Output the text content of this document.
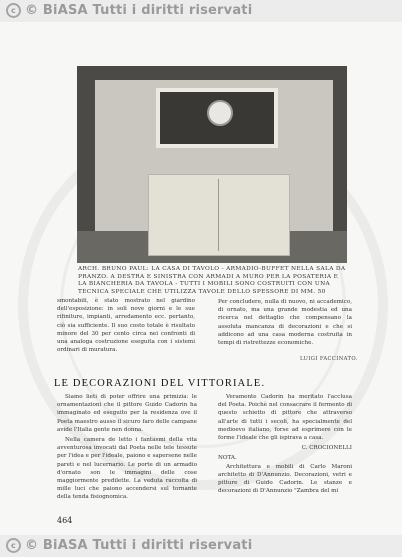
c © BiASA Tutti i diritti riservati
ARCH. BRUNO PAUL: LA CASA DI TAVOLO - ARMADIO-BUFFET NELLA SALA DA PRANZO. A DESTRA E SINISTRA CON ARMADI A MURO PER LA POSATERIA E LA BIANCHERIA DA TAVOLA - TUTTI I MOBILI SONO COSTRUITI CON UNA TECNICA SPECIALE CHE UTILIZZA TAVOLE DELLO SPESSORE DI MM. 50
smontabili, è stato mostrato nel giardino dell'esposizione: in soli nove giorni e le sue rifiniture, impianti, arredamento ecc. pertanto, ciò sia sufficiente. Il suo costo totale è risultato minore del 30 per cento circa nei confronti di una analoga costruzione eseguita con i sistemi ordinari di muratura.
Per concludere, nulla di nuovo, ni accademico, di ornato, ma una grande modestia ed una ricerca nel dettaglio che compensano la assoluta mancanza di decorazioni e che si addicono ad una casa moderna costruita in tempi di ristrettezze economiche.
LUIGI FACCINATO.
LE DECORAZIONI DEL VITTORIALE.

Siamo lieti di poter offrire una primizia: le ornamentazioni che il pittore Guido Cadorin ha immaginato ed eseguito per la residenza ove il Poeta maestro ausso il sicuro faro delle campane avide l'Italia gente nen donna.

Nella camera de letto i fantasmi della vita avventurosa invocati dal Poeta nelle tele tessute per l'idea e per l'ideale, paiono e sapersene nelle pareti e nel lucernario. Le porte di un armadio d'ornato son le immagini delle cose maggiormente predilette. La veduta raccolta di mille luci che paiono accendersi sul tornante della tenda fisiognomica.

Veramente Cadorin ha meritato l'acclusa del Poeta. Poichè nel consacrare il fermento di questo schietto di pittore che attraverso all'arte di tutti i secoli, ha specialmente del medioevo italiano, forse ad esprimere con le forme l'ideale che gli ispirava a casa.

C. CROCIONELLI
NOTA.

Architettura e mobili di Carlo Maroni architetto di D'Annunzio. Decorazioni, vetri e pitture di Guido Cadorin. Le stanze e decorazioni di D'Annunzio "Zambra del mi

464
c © BiASA Tutti i diritti riservati
